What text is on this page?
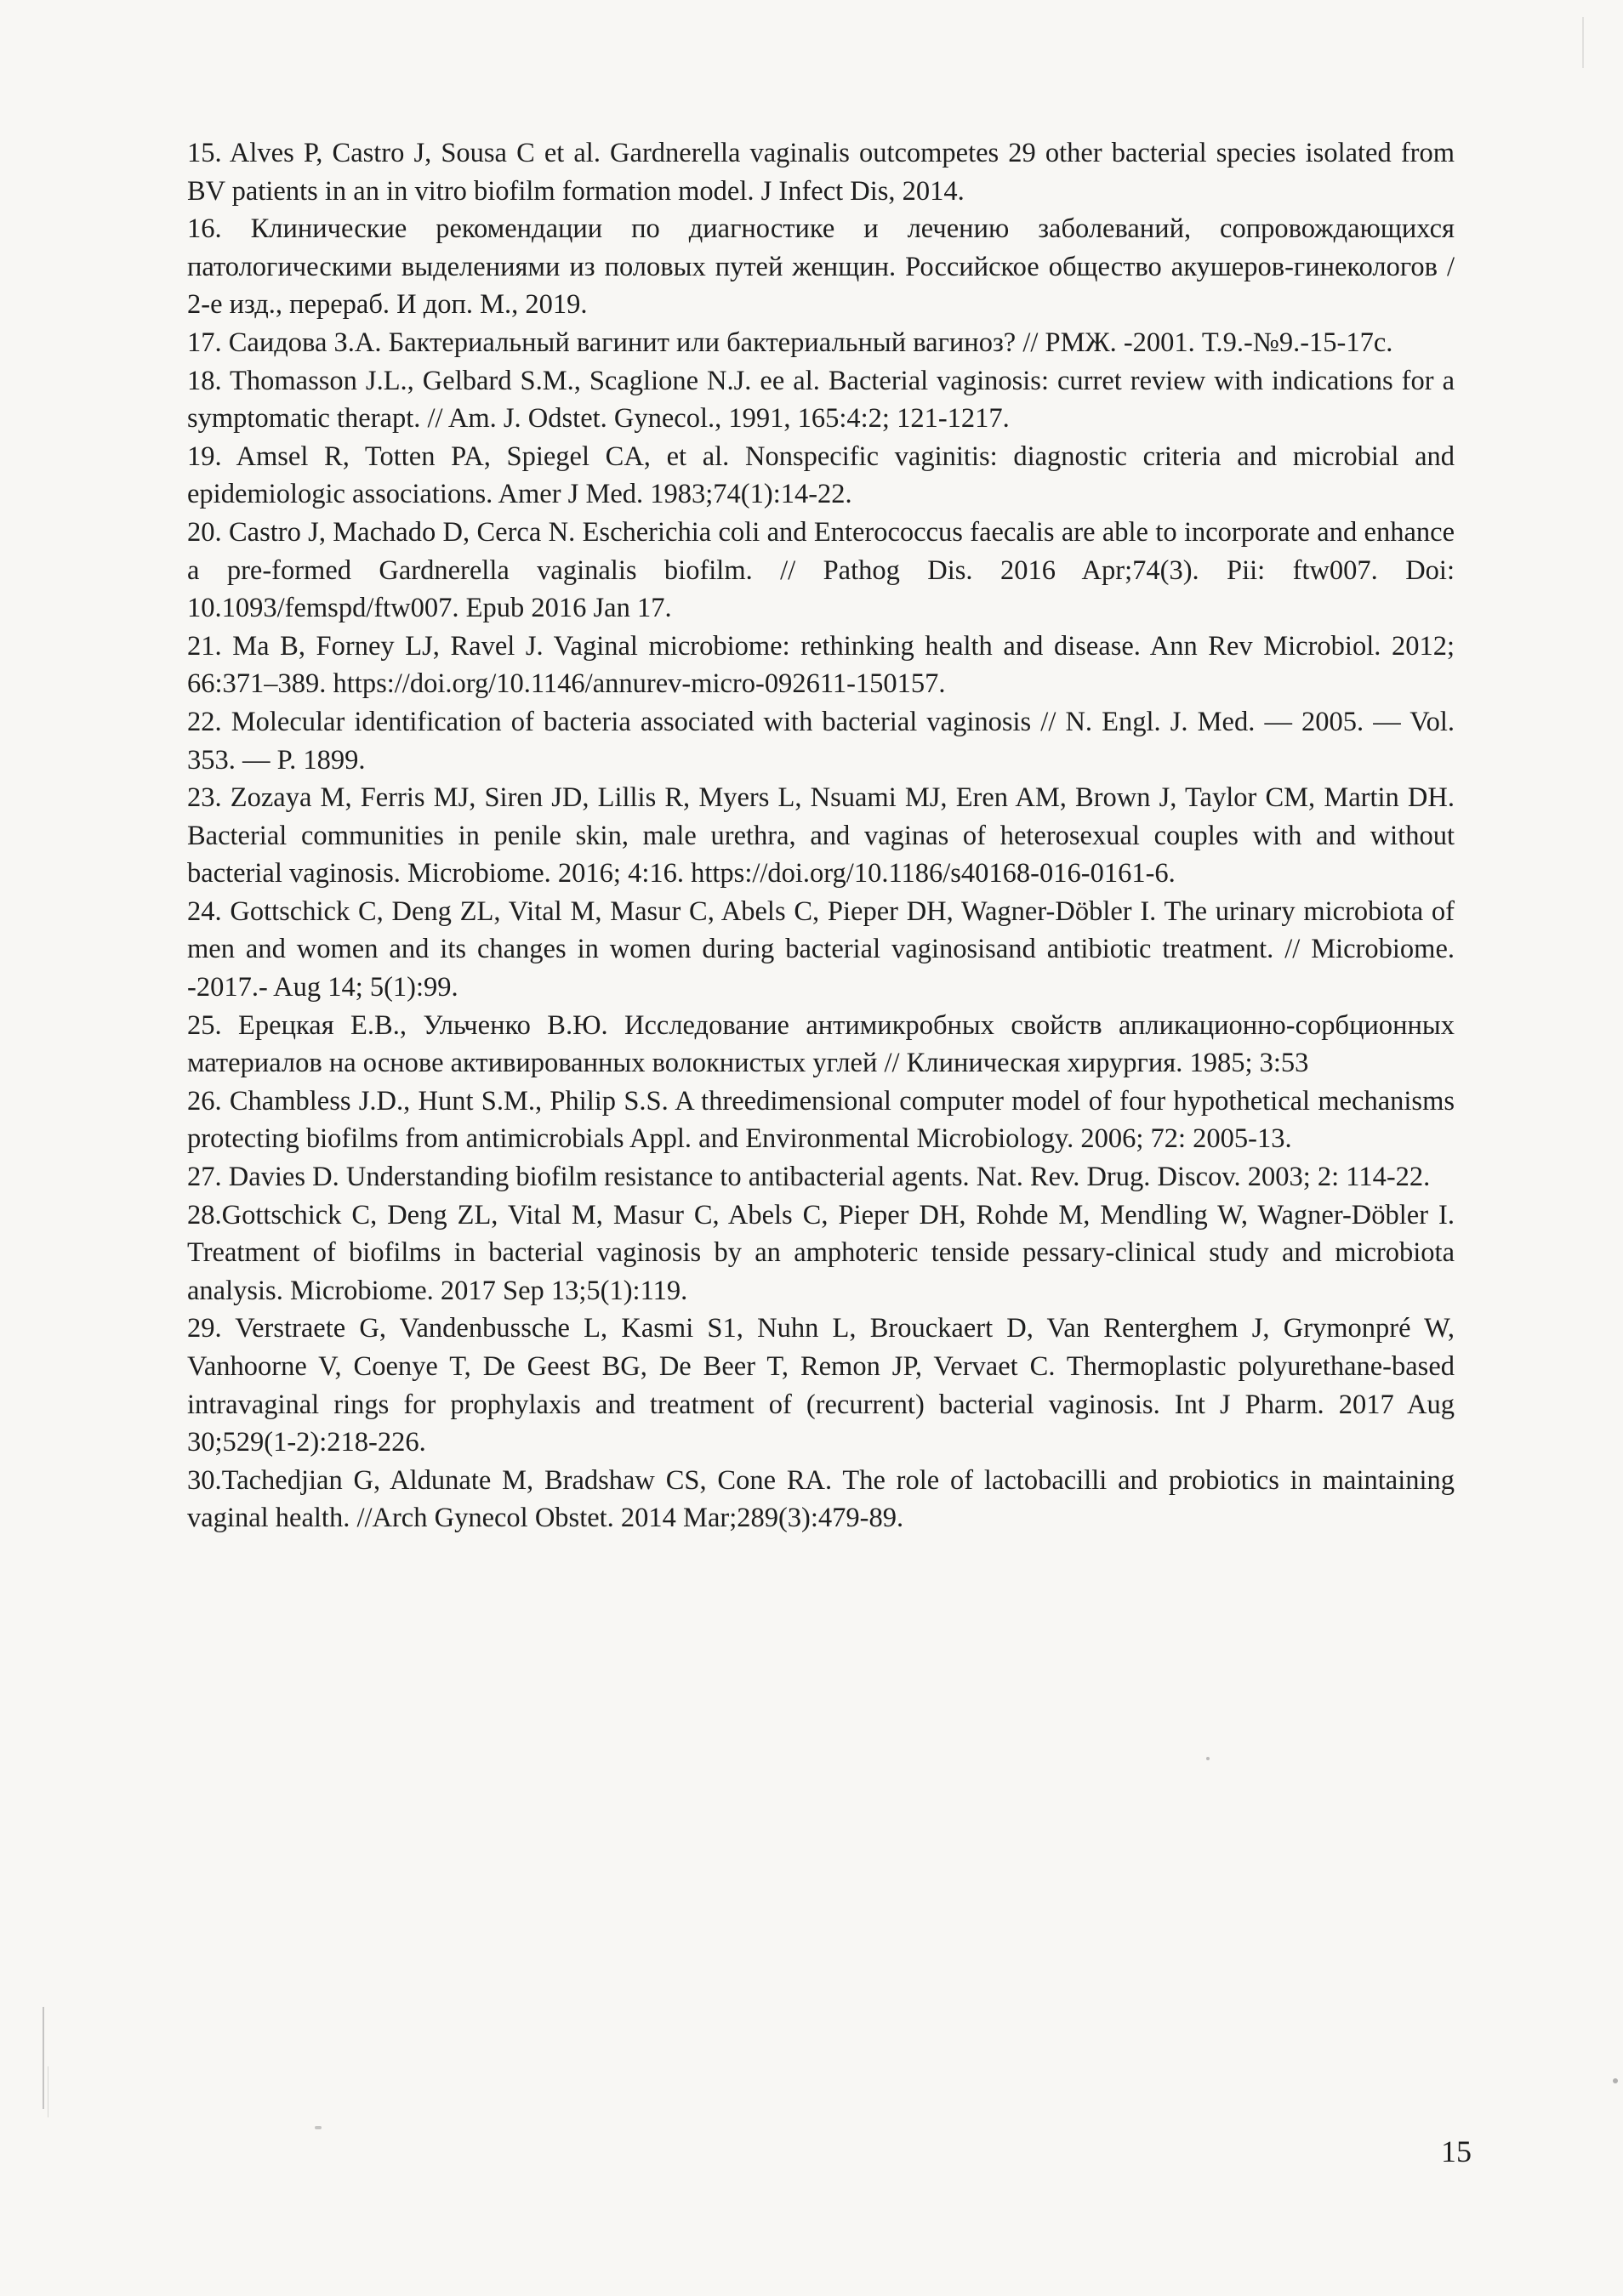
15. Alves P, Castro J, Sousa C et al. Gardnerella vaginalis outcompetes 29 other bacterial species isolated from BV patients in an in vitro biofilm formation model. J Infect Dis, 2014.

16. Клинические рекомендации по диагностике и лечению заболеваний, сопровождающихся патологическими выделениями из половых путей женщин. Российское общество акушеров-гинекологов / 2-е изд., перераб. И доп. М., 2019.

17. Саидова З.А. Бактериальный вагинит или бактериальный вагиноз? // РМЖ. -2001. Т.9.-№9.-15-17с.

18. Thomasson J.L., Gelbard S.M., Scaglione N.J. ee al. Bacterial vaginosis: curret review with indications for a symptomatic therapt. // Am. J. Odstet. Gynecol., 1991, 165:4:2; 121-1217.

19. Amsel R, Totten PA, Spiegel CA, et al. Nonspecific vaginitis: diagnostic criteria and microbial and epidemiologic associations. Amer J Med. 1983;74(1):14-22.

20. Castro J, Machado D, Cerca N. Escherichia coli and Enterococcus faecalis are able to incorporate and enhance a pre-formed Gardnerella vaginalis biofilm. // Pathog Dis. 2016 Apr;74(3). Pii: ftw007. Doi: 10.1093/femspd/ftw007. Epub 2016 Jan 17.

21. Ma B, Forney LJ, Ravel J. Vaginal microbiome: rethinking health and disease. Ann Rev Microbiol. 2012; 66:371–389. https://doi.org/10.1146/annurev-micro-092611-150157.

22. Molecular identification of bacteria associated with bacterial vaginosis // N. Engl. J. Med. — 2005. — Vol. 353. — P. 1899.

23. Zozaya M, Ferris MJ, Siren JD, Lillis R, Myers L, Nsuami MJ, Eren AM, Brown J, Taylor CM, Martin DH. Bacterial communities in penile skin, male urethra, and vaginas of heterosexual couples with and without bacterial vaginosis. Microbiome. 2016; 4:16. https://doi.org/10.1186/s40168-016-0161-6.

24. Gottschick C, Deng ZL, Vital M, Masur C, Abels C, Pieper DH, Wagner-Döbler I. The urinary microbiota of men and women and its changes in women during bacterial vaginosisand antibiotic treatment. // Microbiome. -2017.- Aug 14; 5(1):99.

25. Ерецкая Е.В., Ульченко В.Ю. Исследование антимикробных свойств апликационно-сорбционных материалов на основе активированных волокнистых углей // Клиническая хирургия. 1985; 3:53

26. Chambless J.D., Hunt S.M., Philip S.S. A threedimensional computer model of four hypothetical mechanisms protecting biofilms from antimicrobials Appl. and Environmental Microbiology. 2006; 72: 2005-13.

27. Davies D. Understanding biofilm resistance to antibacterial agents. Nat. Rev. Drug. Discov. 2003; 2: 114-22.

28.Gottschick C, Deng ZL, Vital M, Masur C, Abels C, Pieper DH, Rohde M, Mendling W, Wagner-Döbler I. Treatment of biofilms in bacterial vaginosis by an amphoteric tenside pessary-clinical study and microbiota analysis. Microbiome. 2017 Sep 13;5(1):119.

29. Verstraete G, Vandenbussche L, Kasmi S1, Nuhn L, Brouckaert D, Van Renterghem J, Grymonpré W, Vanhoorne V, Coenye T, De Geest BG, De Beer T, Remon JP, Vervaet C. Thermoplastic polyurethane-based intravaginal rings for prophylaxis and treatment of (recurrent) bacterial vaginosis. Int J Pharm. 2017 Aug 30;529(1-2):218-226.

30.Tachedjian G, Aldunate M, Bradshaw CS, Cone RA. The role of lactobacilli and probiotics in maintaining vaginal health. //Arch Gynecol Obstet. 2014 Mar;289(3):479-89.

15
